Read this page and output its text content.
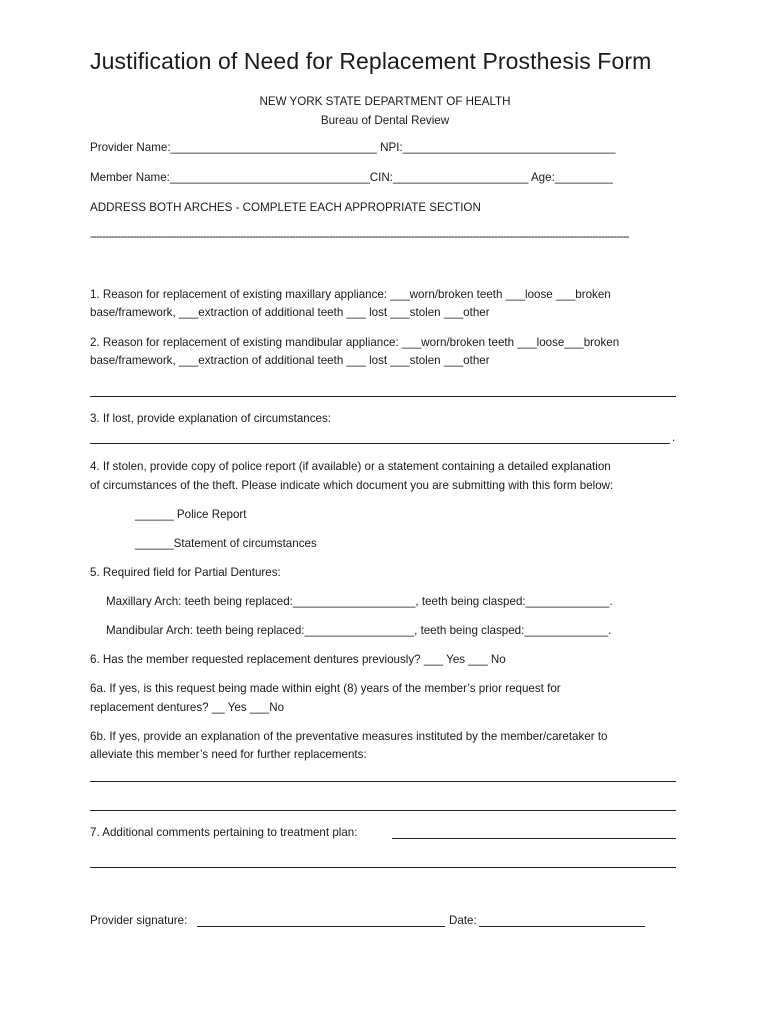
Justification of Need for Replacement Prosthesis Form
NEW YORK STATE DEPARTMENT OF HEALTH
Bureau of Dental Review
Provider Name:________________________________ NPI:_________________________________
Member Name:_______________________________CIN:_____________________ Age:_________
ADDRESS BOTH ARCHES - COMPLETE EACH APPROPRIATE SECTION
--------------------------------------------------------------------------------------------------------------------------------------------------------------------------------
1. Reason for replacement of existing maxillary appliance: ___worn/broken teeth ___loose ___broken
base/framework, ___extraction of additional teeth ___ lost ___stolen ___other
2. Reason for replacement of existing mandibular appliance: ___worn/broken teeth ___loose___broken
base/framework, ___extraction of additional teeth ___ lost ___stolen ___other
3. If lost, provide explanation of circumstances:
.
4. If stolen, provide copy of police report (if available) or a statement containing a detailed explanation
of circumstances of the theft. Please indicate which document you are submitting with this form below:
______ Police Report
______Statement of circumstances
5. Required field for Partial Dentures:
Maxillary Arch: teeth being replaced:___________________, teeth being clasped:_____________.
Mandibular Arch: teeth being replaced:_________________, teeth being clasped:_____________.
6. Has the member requested replacement dentures previously? ___ Yes ___ No
6a. If yes, is this request being made within eight (8) years of the member’s prior request for
replacement dentures? __ Yes ___No
6b. If yes, provide an explanation of the preventative measures instituted by the member/caretaker to
alleviate this member’s need for further replacements:
7. Additional comments pertaining to treatment plan:
Provider signature:	Date:
